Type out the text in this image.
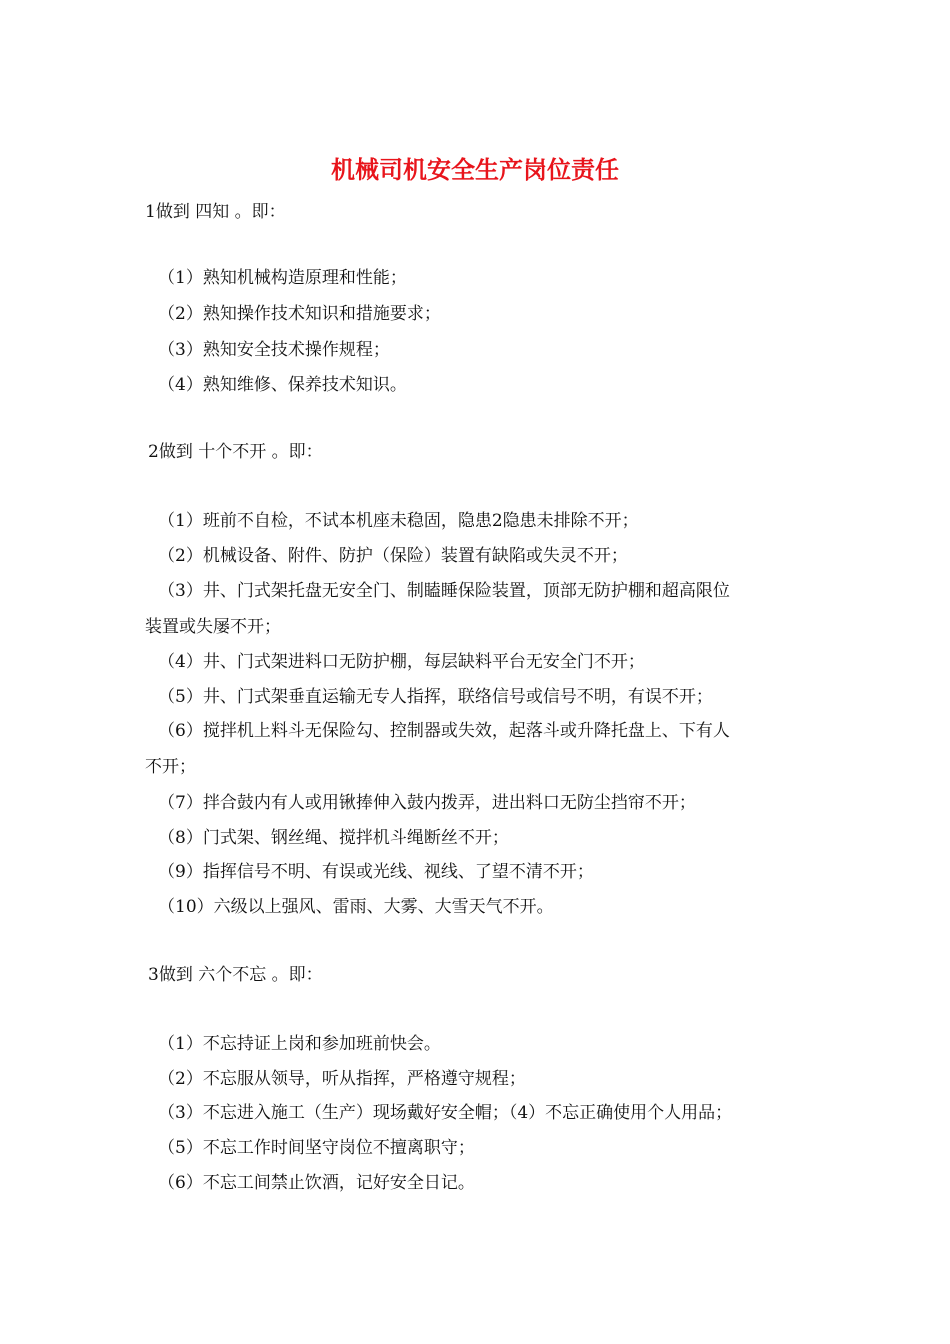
机械司机安全生产岗位责任
1做到 四知 。即：
（1）熟知机械构造原理和性能；
（2）熟知操作技术知识和措施要求；
（3）熟知安全技术操作规程；
（4）熟知维修、保养技术知识。
2做到 十个不开 。即：
（1）班前不自检，不试本机座未稳固，隐患2隐患未排除不开；
（2）机械设备、附件、防护（保险）装置有缺陷或失灵不开；
（3）井、门式架托盘无安全门、制瞌睡保险装置，顶部无防护棚和超高限位
装置或失屡不开；
（4）井、门式架进料口无防护棚，每层缺料平台无安全门不开；
（5）井、门式架垂直运输无专人指挥，联络信号或信号不明，有误不开；
（6）搅拌机上料斗无保险勾、控制器或失效，起落斗或升降托盘上、下有人
不开；
（7）拌合鼓内有人或用锹捧伸入鼓内拨弄，进出料口无防尘挡帘不开；
（8）门式架、钢丝绳、搅拌机斗绳断丝不开；
（9）指挥信号不明、有误或光线、视线、了望不清不开；
（10）六级以上强风、雷雨、大雾、大雪天气不开。
3做到 六个不忘 。即：
（1）不忘持证上岗和参加班前快会。
（2）不忘服从领导，听从指挥，严格遵守规程；
（3）不忘进入施工（生产）现场戴好安全帽；（4）不忘正确使用个人用品；
（5）不忘工作时间坚守岗位不擅离职守；
（6）不忘工间禁止饮酒，记好安全日记。
